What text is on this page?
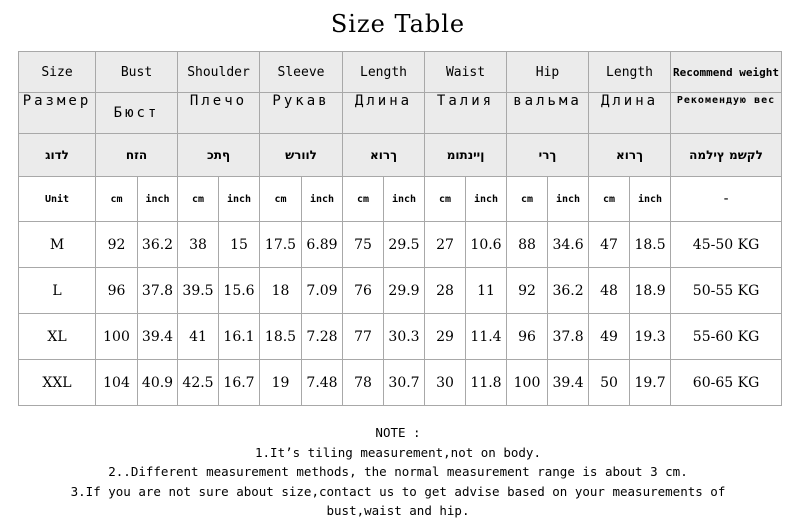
Size Table
Size	Bust		Shoulder		Sleeve		Length		Waist		Hip		Length		Recommend weight

Размер	Бюст		Плечо		Рукав		Длина		Талия		вальма		Длина		Рекомендую вес

לדוג	הזח		ףתכ		לוורש		ךרוא		ןיינתומ		ךרי		ךרוא		לקשמ ץילמה
Unit	cm	inch	cm	inch	cm	inch	cm	inch	cm	inch	cm	inch	cm	inch	-
M	92	36.2	38	15	17.5	6.89	75	29.5	27	10.6	88	34.6	47	18.5	45-50 KG
L	96	37.8	39.5	15.6	18	7.09	76	29.9	28	11	92	36.2	48	18.9	50-55 KG
XL	100	39.4	41	16.1	18.5	7.28	77	30.3	29	11.4	96	37.8	49	19.3	55-60 KG
XXL	104	40.9	42.5	16.7	19	7.48	78	30.7	30	11.8	100	39.4	50	19.7	60-65 KG
NOTE :
1.It’s tiling measurement,not on body.
2..Different measurement methods, the normal measurement range is about 3 cm.
3.If you are not sure about size,contact us to get advise based on your measurements of
bust,waist and hip.
